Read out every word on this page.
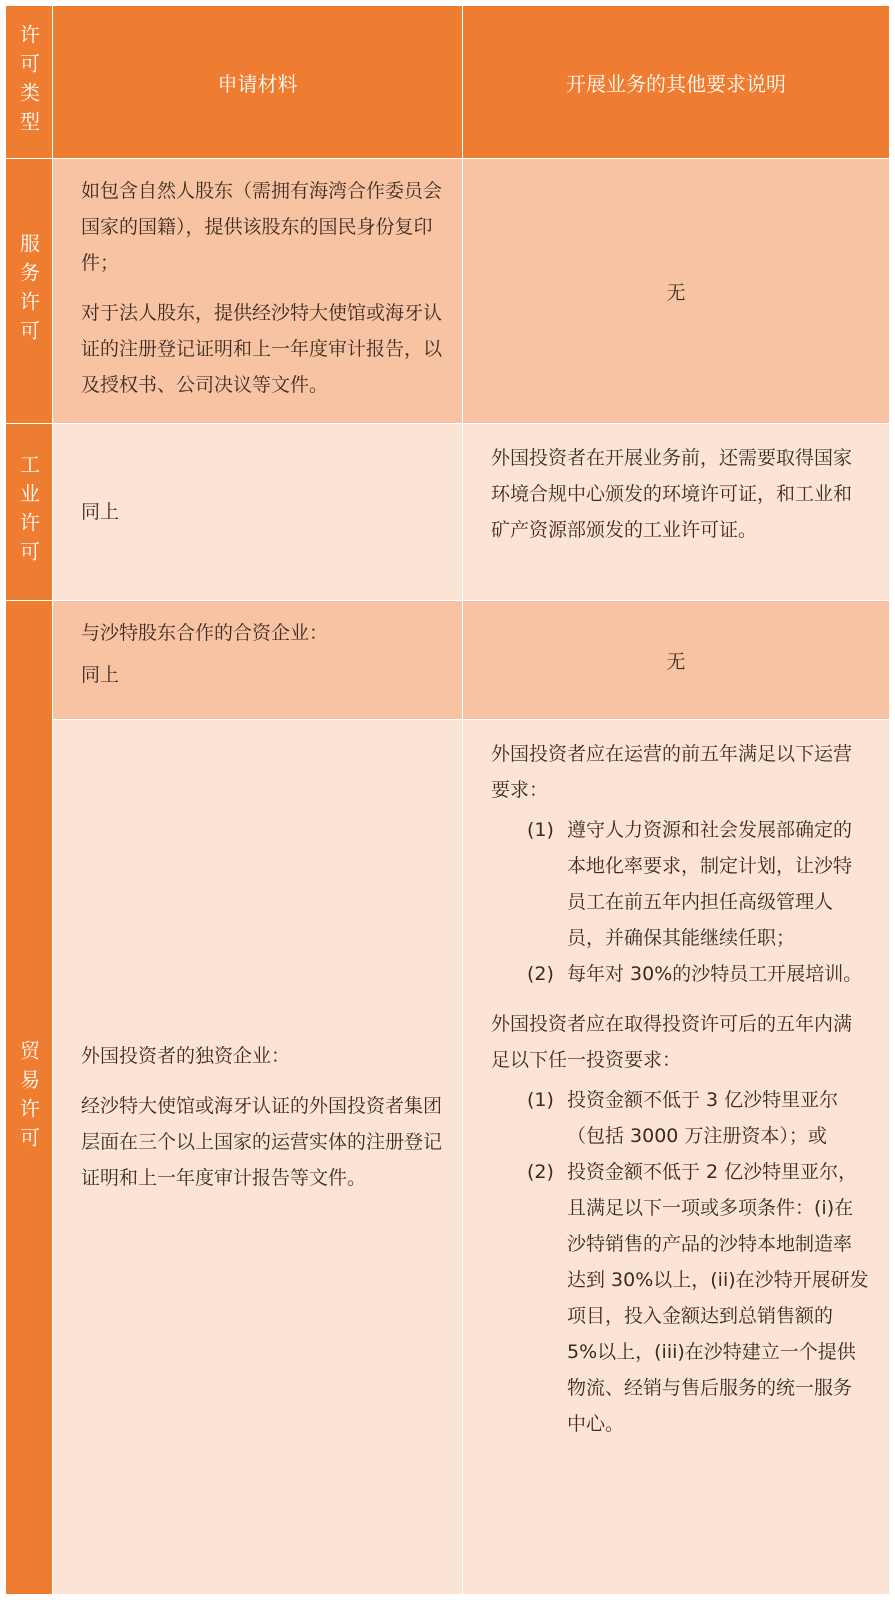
许可类型	申请材料	开展业务的其他要求说明
服务许可

如包含自然人股东（需拥有海湾合作委员会国家的国籍），提供该股东的国民身份复印件；

对于法人股东，提供经沙特大使馆或海牙认证的注册登记证明和上一年度审计报告，以及授权书、公司决议等文件。

无
工业许可 同上

外国投资者在开展业务前，还需要取得国家环境合规中心颁发的环境许可证，和工业和矿产资源部颁发的工业许可证。

贸易许可

与沙特股东合作的合资企业：

同上

无

外国投资者的独资企业：

经沙特大使馆或海牙认证的外国投资者集团层面在三个以上国家的运营实体的注册登记证明和上一年度审计报告等文件。

外国投资者应在运营的前五年满足以下运营要求：

(1) 遵守人力资源和社会发展部确定的本地化率要求，制定计划，让沙特员工在前五年内担任高级管理人员，并确保其能继续任职；
(2) 每年对 30%的沙特员工开展培训。

外国投资者应在取得投资许可后的五年内满足以下任一投资要求：

(1) 投资金额不低于 3 亿沙特里亚尔（包括 3000 万注册资本）；或
(2) 投资金额不低于 2 亿沙特里亚尔，且满足以下一项或多项条件：(i)在沙特销售的产品的沙特本地制造率达到 30%以上，(ii)在沙特开展研发项目，投入金额达到总销售额的 5%以上，(iii)在沙特建立一个提供物流、经销与售后服务的统一服务中心。
